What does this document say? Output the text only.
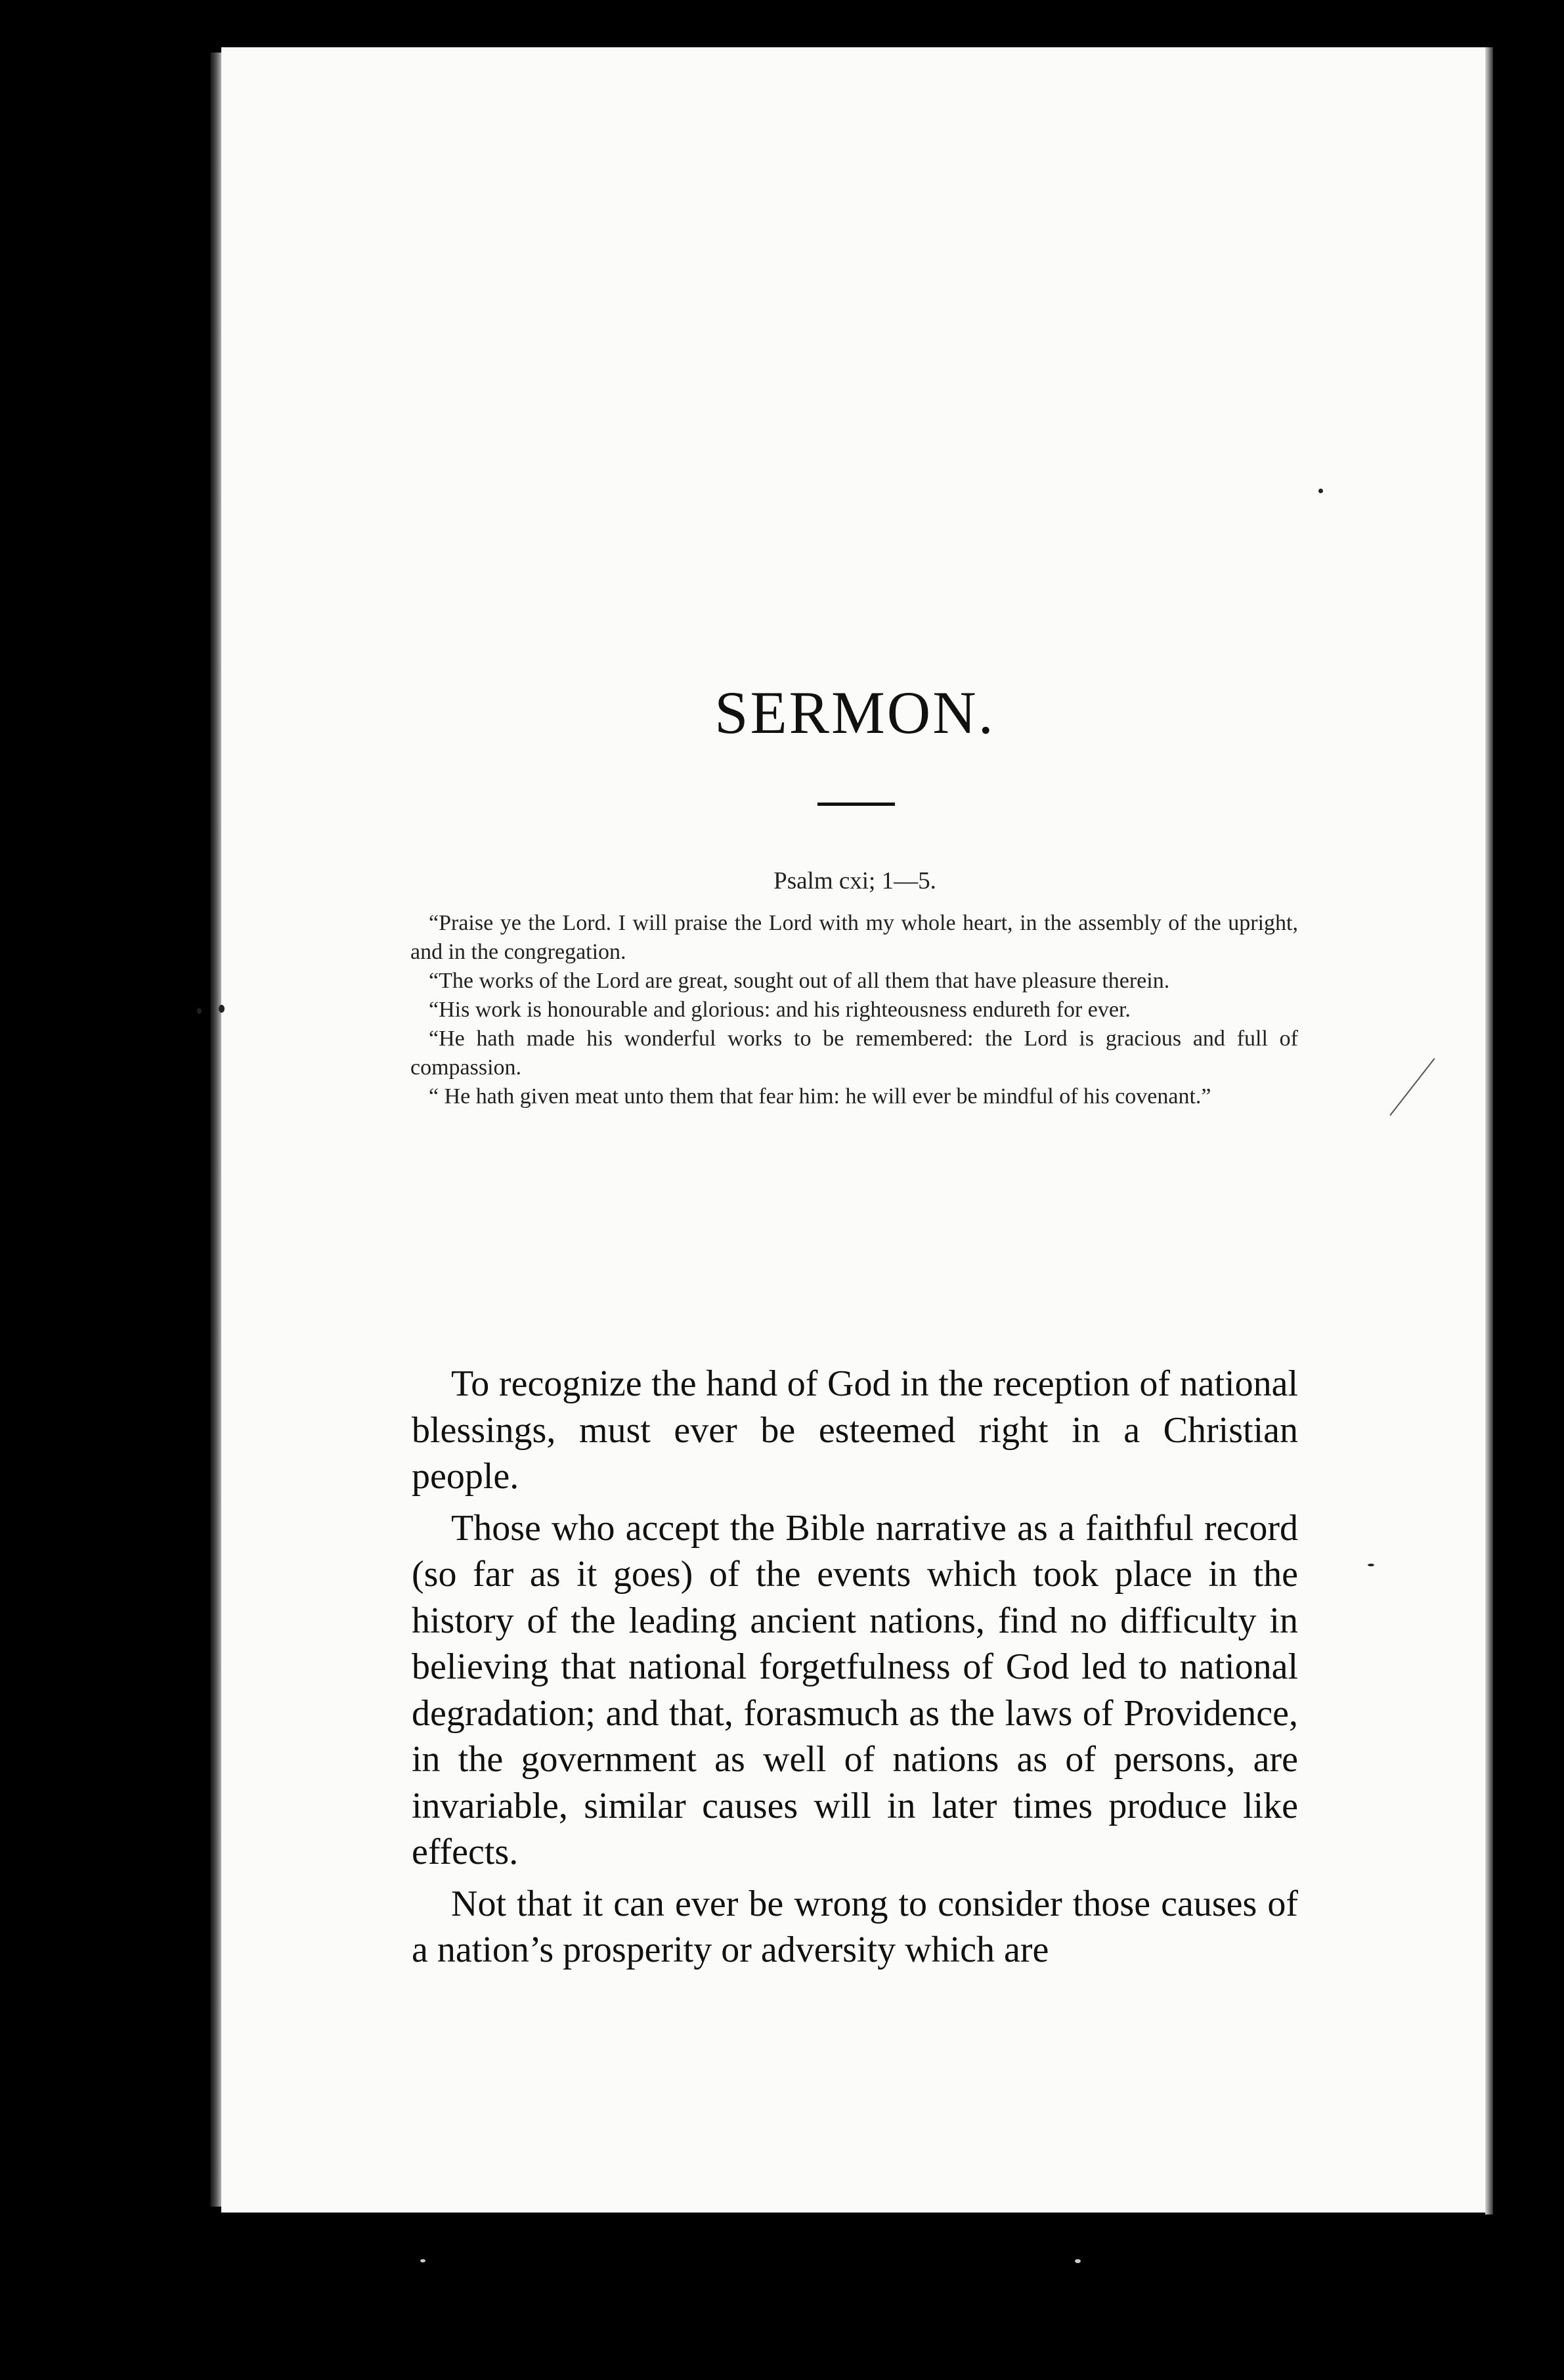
SERMON.
Psalm cxi; 1—5.

“Praise ye the Lord. I will praise the Lord with my whole heart, in the assembly of the upright, and in the congregation.

“The works of the Lord are great, sought out of all them that have pleasure therein.

“His work is honourable and glorious: and his righteousness endureth for ever.

“He hath made his wonderful works to be remembered: the Lord is gracious and full of compassion.

“ He hath given meat unto them that fear him: he will ever be mindful of his covenant.”

To recognize the hand of God in the reception of national blessings, must ever be esteemed right in a Christian people.

Those who accept the Bible narrative as a faithful record (so far as it goes) of the events which took place in the history of the leading ancient nations, find no difficulty in believing that national forgetfulness of God led to national degradation; and that, forasmuch as the laws of Providence, in the government as well of nations as of persons, are invariable, similar causes will in later times produce like effects.

Not that it can ever be wrong to consider those causes of a nation’s prosperity or adversity which are
